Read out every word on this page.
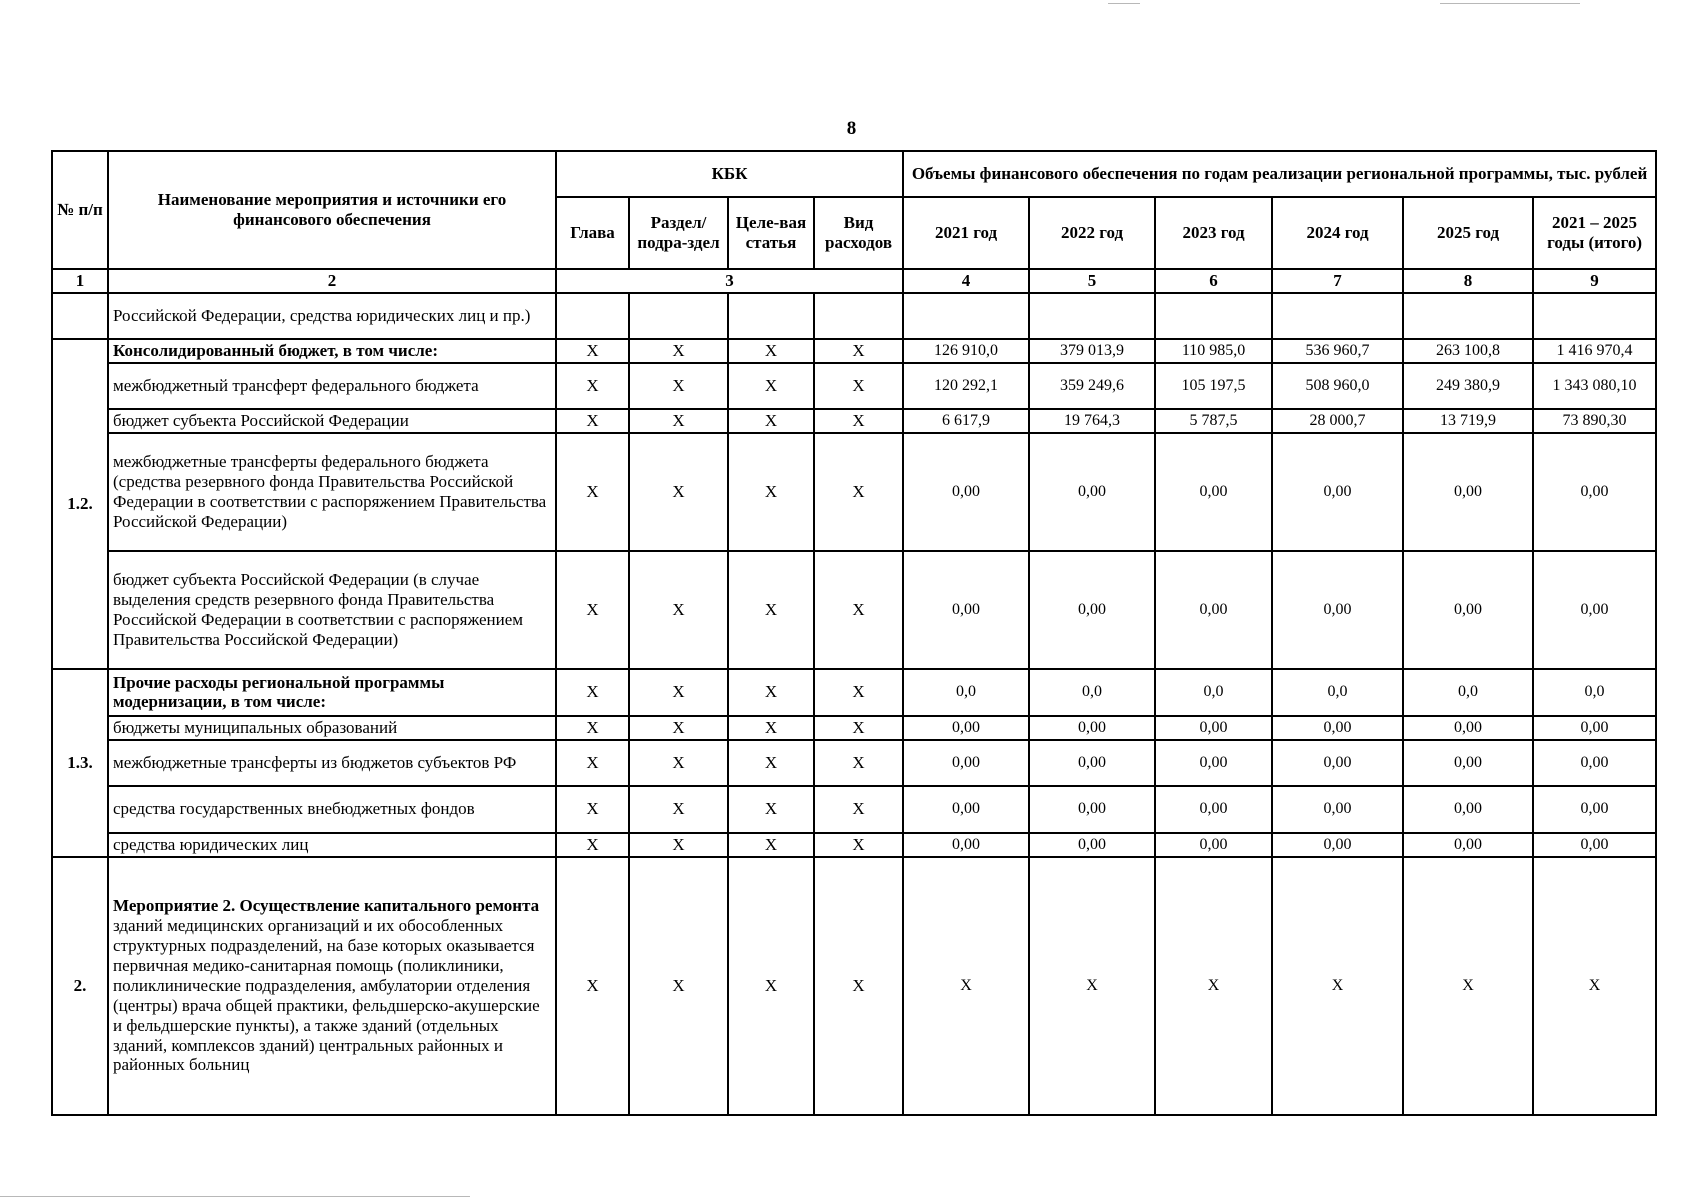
8
№ п/п	Наименование мероприятия и источники его финансового обеспечения	КБК				Объемы финансового обеспечения по годам реализации региональной программы, тыс. рублей					
		Глава	Раздел/ подра-здел	Целе-вая статья	Вид расходов	2021 год	2022 год	2023 год	2024 год	2025 год	2021 – 2025 годы (итого)
1	2	3				4	5	6	7	8	9
	Российской Федерации, средства юридических лиц и пр.)										
1.2.	Консолидированный бюджет, в том числе:	Х	Х	Х	Х	126 910,0	379 013,9	110 985,0	536 960,7	263 100,8	1 416 970,4
	межбюджетный трансферт федерального бюджета	Х	Х	Х	Х	120 292,1	359 249,6	105 197,5	508 960,0	249 380,9	1 343 080,10
	бюджет субъекта Российской Федерации	Х	Х	Х	Х	6 617,9	19 764,3	5 787,5	28 000,7	13 719,9	73 890,30
	межбюджетные трансферты федерального бюджета (средства резервного фонда Правительства Российской Федерации в соответствии с распоряжением Правительства Российской Федерации)	Х	Х	Х	Х	0,00	0,00	0,00	0,00	0,00	0,00
	бюджет субъекта Российской Федерации (в случае выделения средств резервного фонда Правительства Российской Федерации в соответствии с распоряжением Правительства Российской Федерации)	Х	Х	Х	Х	0,00	0,00	0,00	0,00	0,00	0,00
1.3.	Прочие расходы региональной программы модернизации, в том числе:	Х	Х	Х	Х	0,0	0,0	0,0	0,0	0,0	0,0
	бюджеты муниципальных образований	Х	Х	Х	Х	0,00	0,00	0,00	0,00	0,00	0,00
	межбюджетные трансферты из бюджетов субъектов РФ	Х	Х	Х	Х	0,00	0,00	0,00	0,00	0,00	0,00
	средства государственных внебюджетных фондов	Х	Х	Х	Х	0,00	0,00	0,00	0,00	0,00	0,00
	средства юридических лиц	Х	Х	Х	Х	0,00	0,00	0,00	0,00	0,00	0,00
2.	Мероприятие 2. Осуществление капитального ремонта зданий медицинских организаций и их обособленных структурных подразделений, на базе которых оказывается первичная медико-санитарная помощь (поликлиники, поликлинические подразделения, амбулатории отделения (центры) врача общей практики, фельдшерско-акушерские и фельдшерские пункты), а также зданий (отдельных зданий, комплексов зданий) центральных районных и районных больниц	Х	Х	Х	Х	Х	Х	Х	Х	Х	Х
